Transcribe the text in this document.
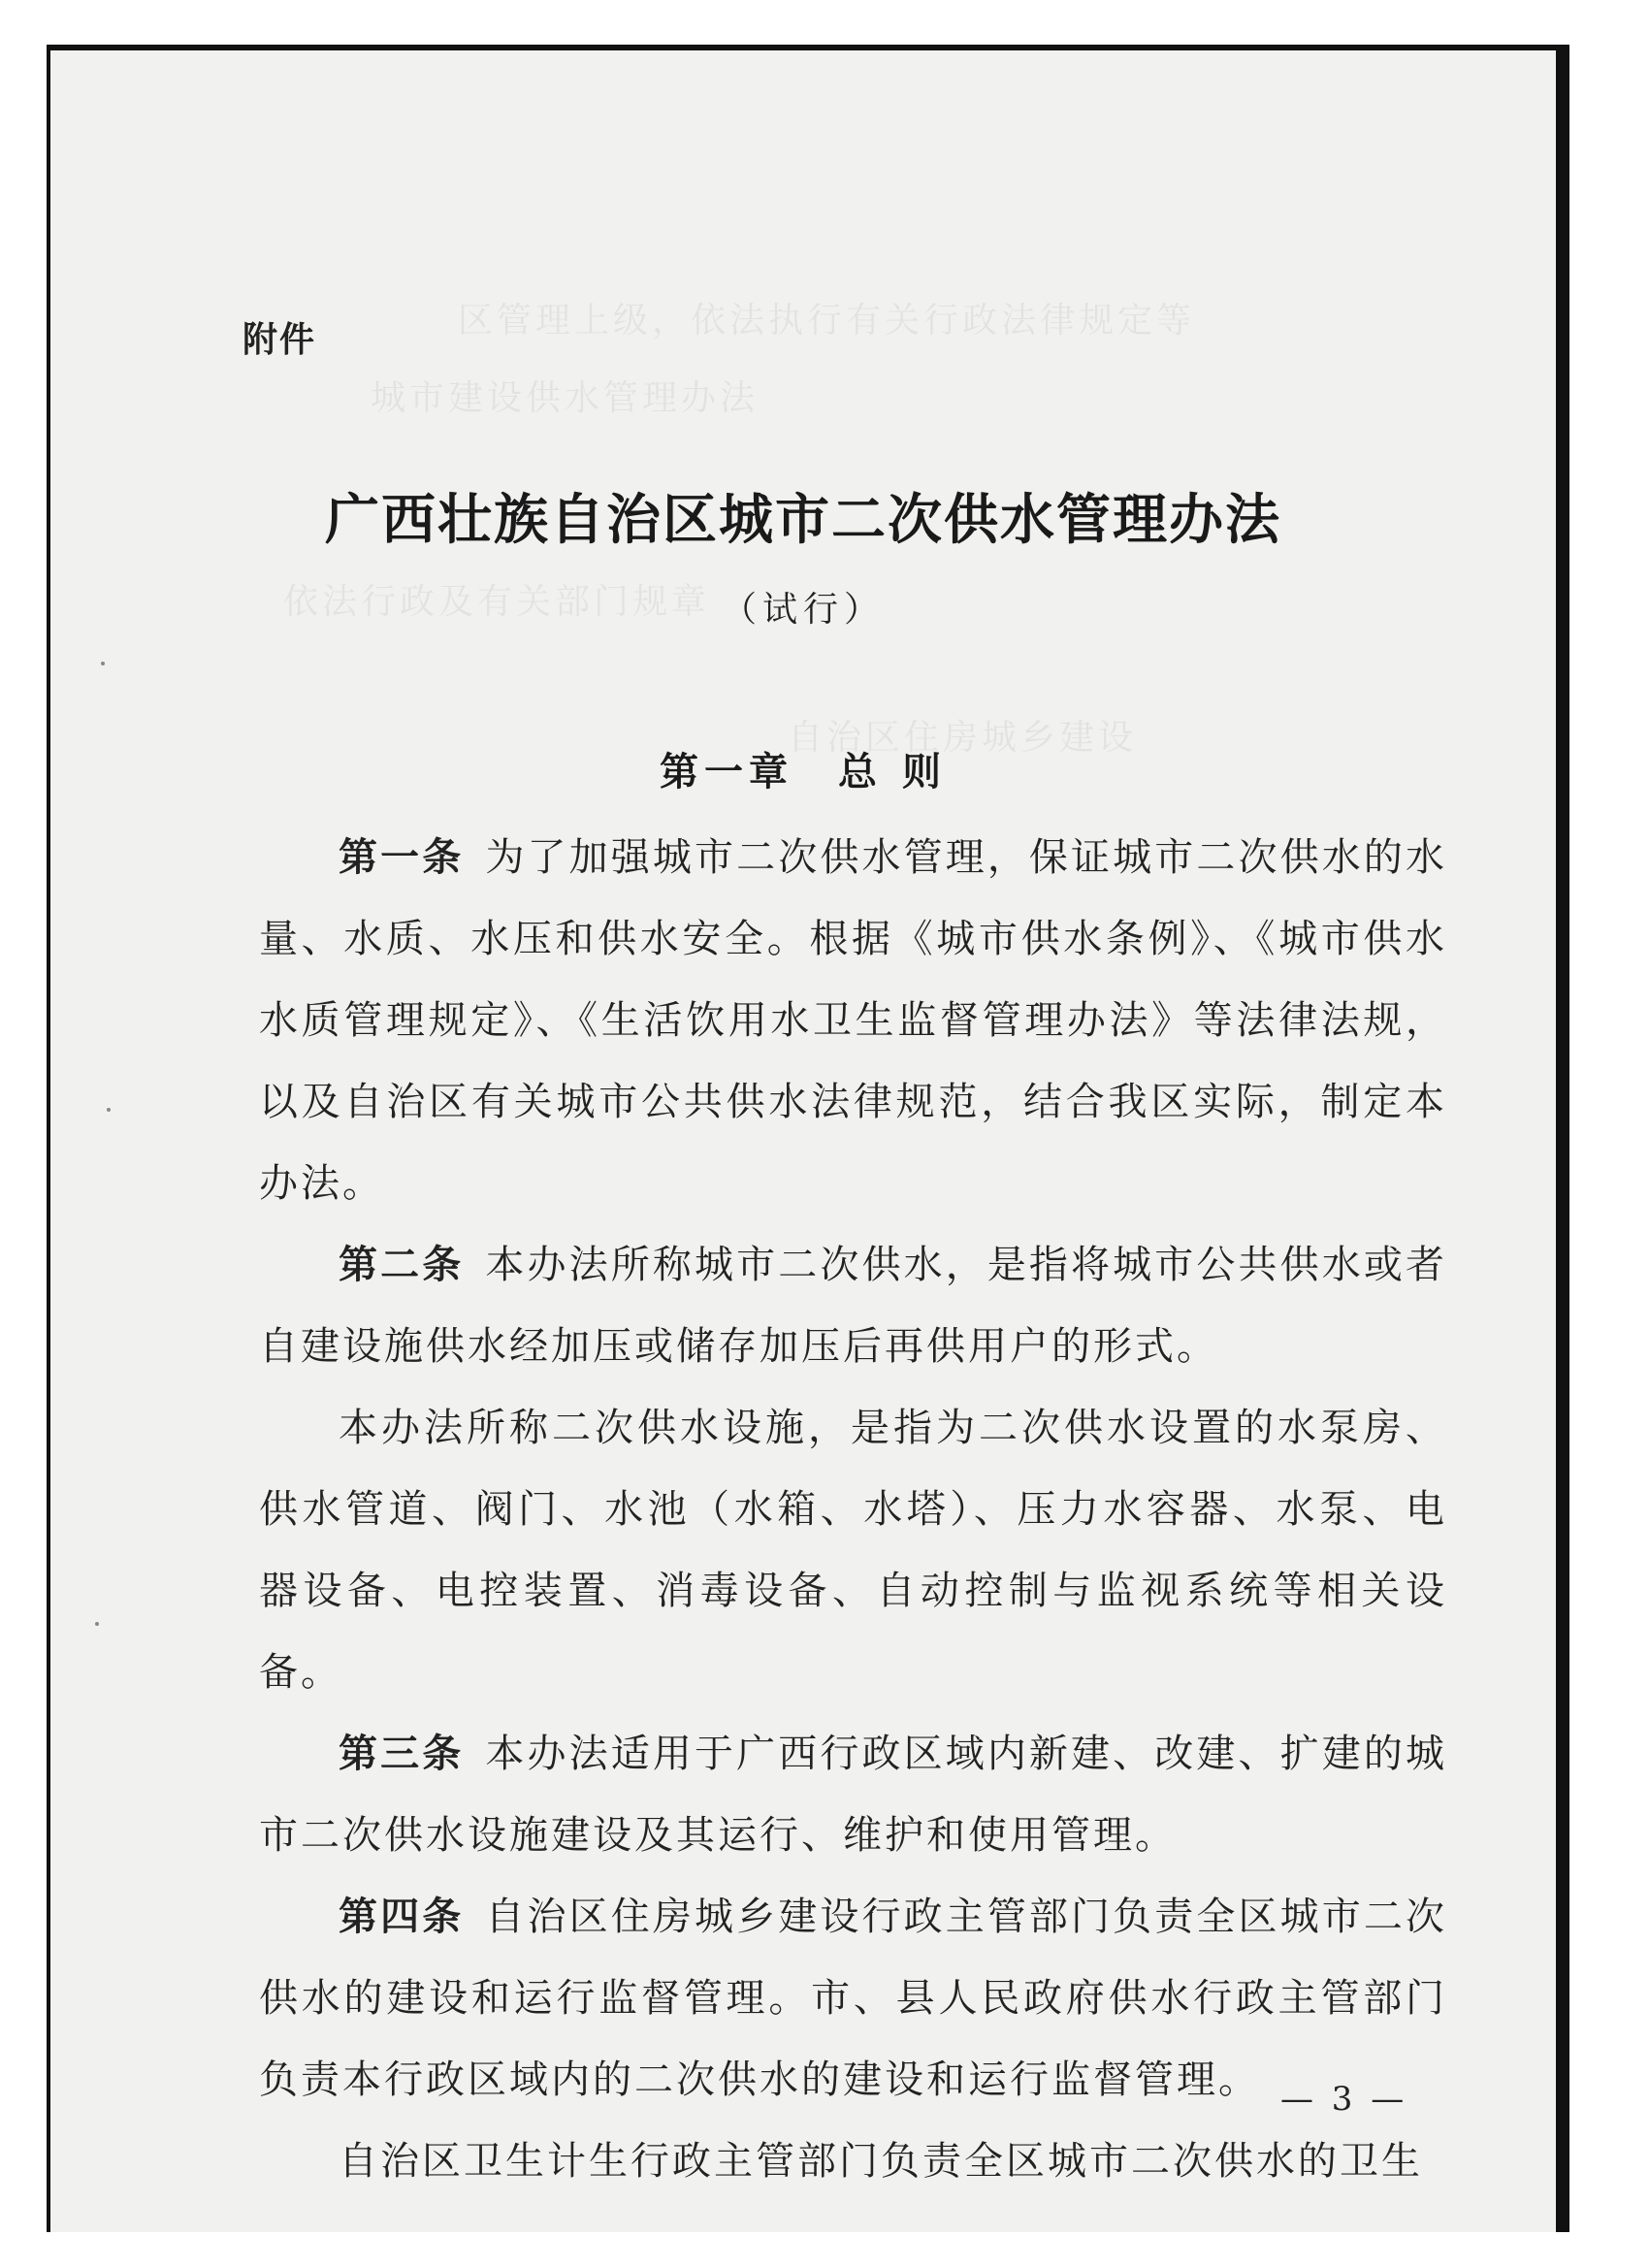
区管理上级，依法执行有关行政法律规定等
城市建设供水管理办法
依法行政及有关部门规章
自治区住房城乡建设
附件
广西壮族自治区城市二次供水管理办法
（试行）
第一章　总 则

第一条 为了加强城市二次供水管理，保证城市二次供水的水量、水质、水压和供水安全。根据《城市供水条例》、《城市供水水质管理规定》、《生活饮用水卫生监督管理办法》等法律法规，以及自治区有关城市公共供水法律规范，结合我区实际，制定本办法。

第二条 本办法所称城市二次供水，是指将城市公共供水或者自建设施供水经加压或储存加压后再供用户的形式。

本办法所称二次供水设施，是指为二次供水设置的水泵房、供水管道、阀门、水池（水箱、水塔）、压力水容器、水泵、电器设备、电控装置、消毒设备、自动控制与监视系统等相关设备。

第三条 本办法适用于广西行政区域内新建、改建、扩建的城市二次供水设施建设及其运行、维护和使用管理。

第四条 自治区住房城乡建设行政主管部门负责全区城市二次供水的建设和运行监督管理。市、县人民政府供水行政主管部门负责本行政区域内的二次供水的建设和运行监督管理。

自治区卫生计生行政主管部门负责全区城市二次供水的卫生

— 3 —
